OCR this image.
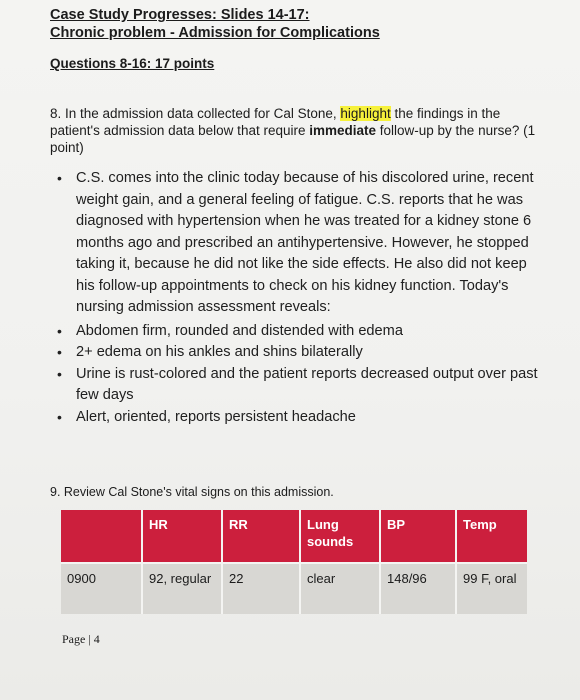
Case Study Progresses: Slides 14-17:
Chronic problem - Admission for Complications
Questions 8-16: 17 points
8. In the admission data collected for Cal Stone, highlight the findings in the patient's admission data below that require immediate follow-up by the nurse? (1 point)
• C.S. comes into the clinic today because of his discolored urine, recent weight gain, and a general feeling of fatigue. C.S. reports that he was diagnosed with hypertension when he was treated for a kidney stone 6 months ago and prescribed an antihypertensive. However, he stopped taking it, because he did not like the side effects. He also did not keep his follow-up appointments to check on his kidney function. Today's nursing admission assessment reveals:
• Abdomen firm, rounded and distended with edema
• 2+ edema on his ankles and shins bilaterally
• Urine is rust-colored and the patient reports decreased output over past few days
• Alert, oriented, reports persistent headache
9. Review Cal Stone's vital signs on this admission.
	HR	RR	Lung sounds	BP	Temp
0900	92, regular	22	clear	148/96	99 F, oral
Page | 4
